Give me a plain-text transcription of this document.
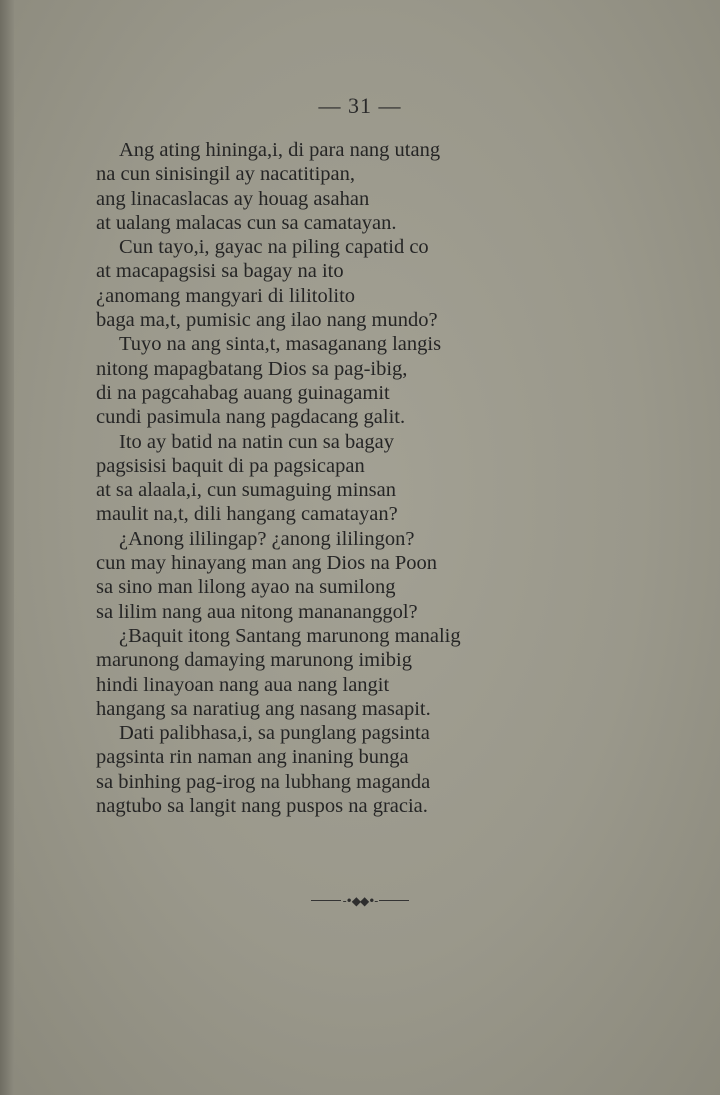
— 31 —
Ang ating hininga,i, di para nang utang
na cun sinisingil ay nacatitipan,
ang linacaslacas ay houag asahan
at ualang malacas cun sa camatayan.
Cun tayo,i, gayac na piling capatid co
at macapagsisi sa bagay na ito
¿anomang mangyari di lilitolito
baga ma,t, pumisic ang ilao nang mundo?
Tuyo na ang sinta,t, masaganang langis
nitong mapagbatang Dios sa pag-ibig,
di na pagcahabag auang guinagamit
cundi pasimula nang pagdacang galit.
Ito ay batid na natin cun sa bagay
pagsisisi baquit di pa pagsicapan
at sa alaala,i, cun sumaguing minsan
maulit na,t, dili hangang camatayan?
¿Anong ililingap? ¿anong ililingon?
cun may hinayang man ang Dios na Poon
sa sino man lilong ayao na sumilong
sa lilim nang aua nitong manananggol?
¿Baquit itong Santang marunong manalig
marunong damaying marunong imibig
hindi linayoan nang aua nang langit
hangang sa naratiug ang nasang masapit.
Dati palibhasa,i, sa punglang pagsinta
pagsinta rin naman ang inaning bunga
sa binhing pag-irog na lubhang maganda
nagtubo sa langit nang puspos na gracia.
-•◆◆•-
